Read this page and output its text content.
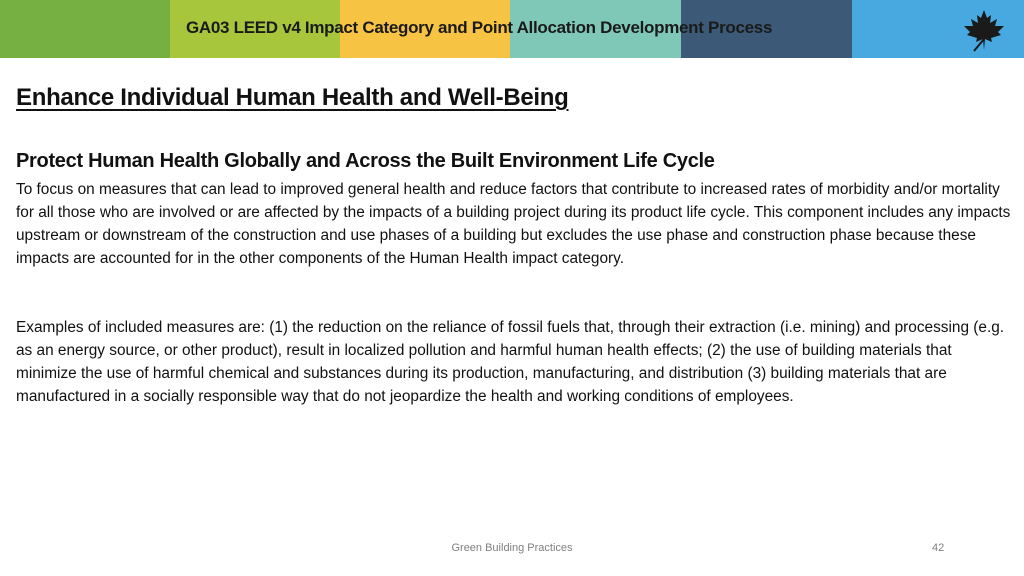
GA03 LEED v4 Impact Category and Point Allocation Development Process
Enhance Individual Human Health and Well-Being
Protect Human Health Globally and Across the Built Environment Life Cycle

To focus on measures that can lead to improved general health and reduce factors that contribute to increased rates of morbidity and/or mortality for all those who are involved or are affected by the impacts of a building project during its product life cycle. This component includes any impacts upstream or downstream of the construction and use phases of a building but excludes the use phase and construction phase because these impacts are accounted for in the other components of the Human Health impact category.

Examples of included measures are: (1) the reduction on the reliance of fossil fuels that, through their extraction (i.e. mining) and processing (e.g. as an energy source, or other product), result in localized pollution and harmful human health effects; (2) the use of building materials that minimize the use of harmful chemical and substances during its production, manufacturing, and distribution (3) building materials that are manufactured in a socially responsible way that do not jeopardize the health and working conditions of employees.

Green Building Practices	42
